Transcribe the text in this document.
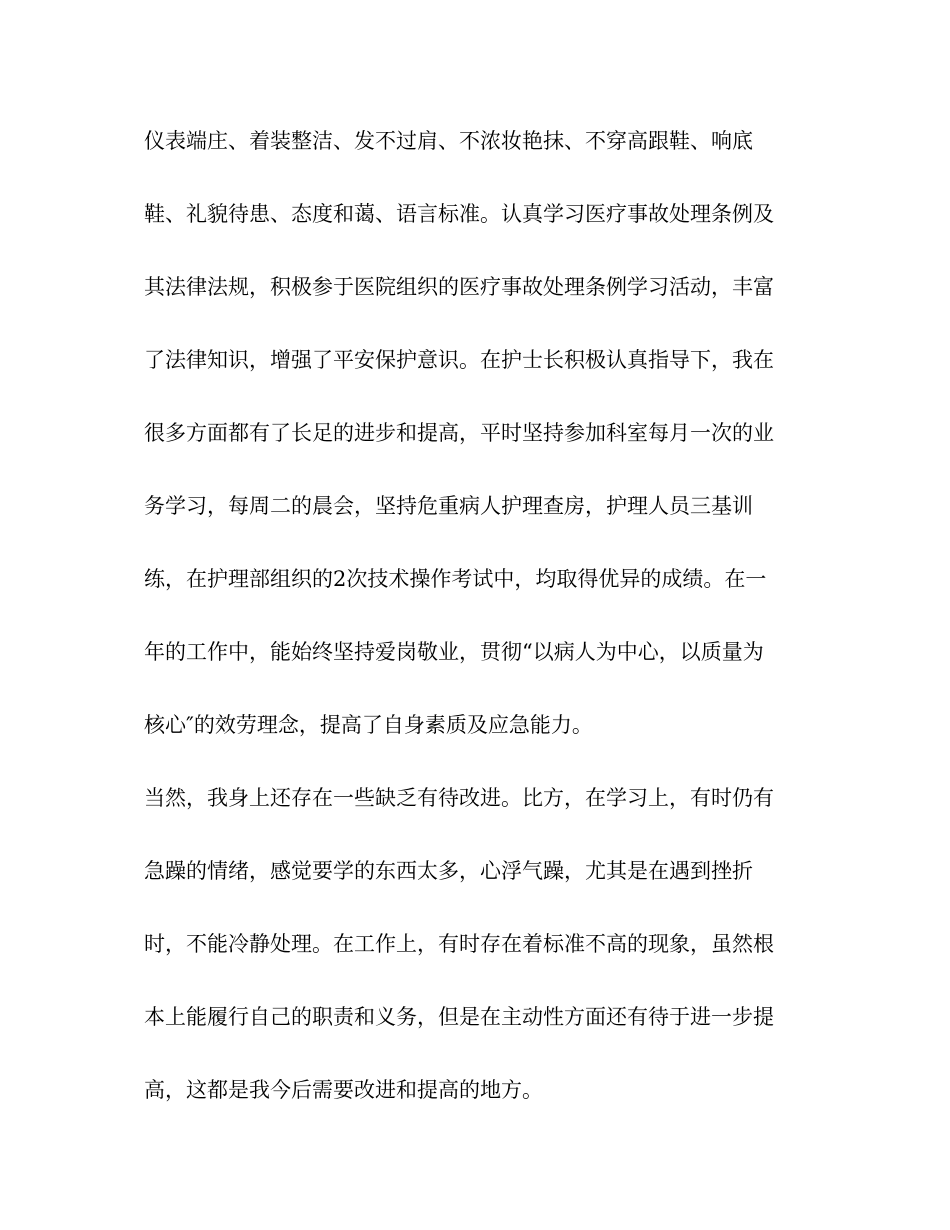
仪表端庄、着装整洁、发不过肩、不浓妆艳抹、不穿高跟鞋、响底

鞋、礼貌待患、态度和蔼、语言标准。认真学习医疗事故处理条例及

其法律法规，积极参于医院组织的医疗事故处理条例学习活动，丰富

了法律知识，增强了平安保护意识。在护士长积极认真指导下，我在

很多方面都有了长足的进步和提高，平时坚持参加科室每月一次的业

务学习，每周二的晨会，坚持危重病人护理查房，护理人员三基训

练，在护理部组织的2次技术操作考试中，均取得优异的成绩。在一

年的工作中，能始终坚持爱岗敬业，贯彻“以病人为中心，以质量为

核心″的效劳理念，提高了自身素质及应急能力。

当然，我身上还存在一些缺乏有待改进。比方，在学习上，有时仍有

急躁的情绪，感觉要学的东西太多，心浮气躁，尤其是在遇到挫折

时，不能冷静处理。在工作上，有时存在着标准不高的现象，虽然根

本上能履行自己的职责和义务，但是在主动性方面还有待于进一步提

高，这都是我今后需要改进和提高的地方。
